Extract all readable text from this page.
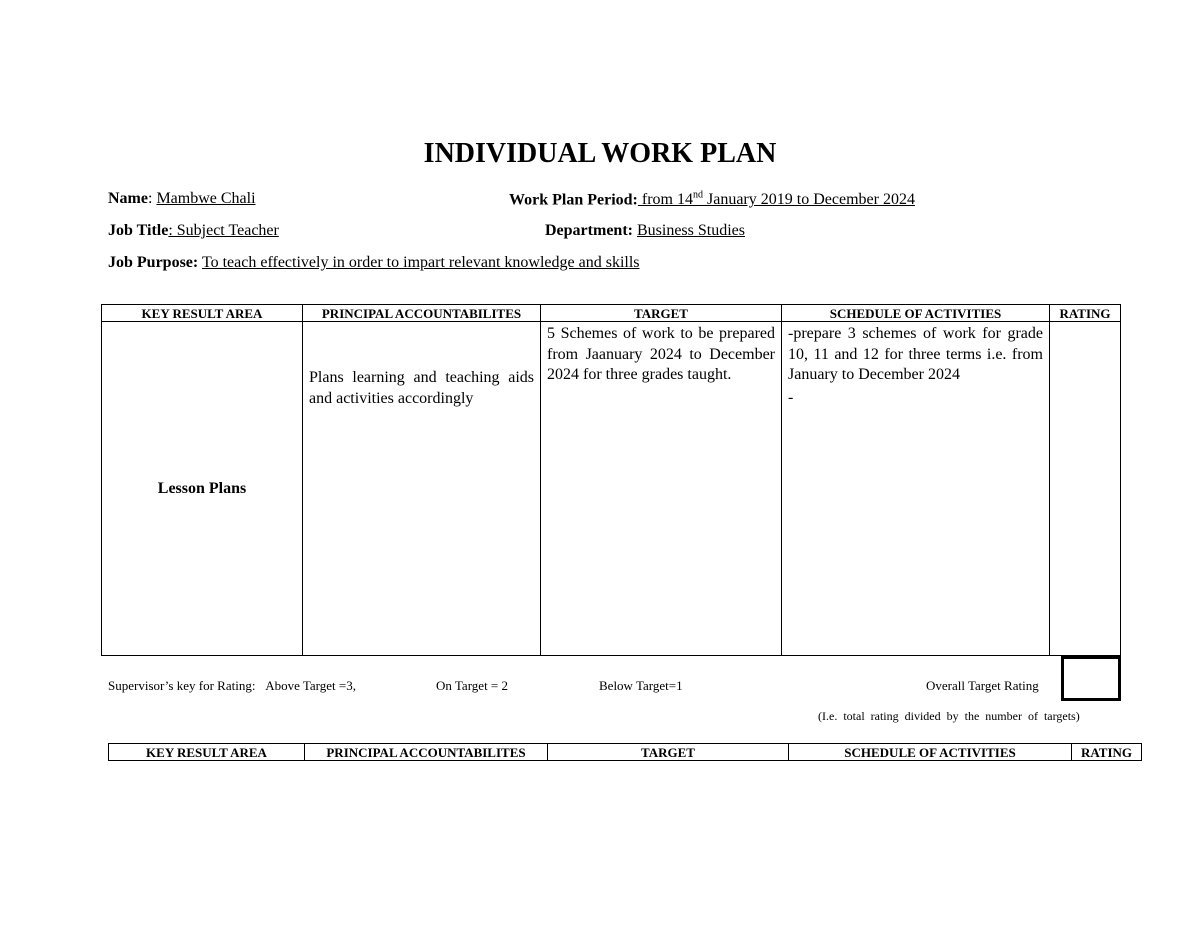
INDIVIDUAL WORK PLAN
Name: Mambwe Chali	Work Plan Period: from 14nd January 2019 to December 2024
Job Title: Subject Teacher	Department: Business Studies
Job Purpose: To teach effectively in order to impart relevant knowledge and skills
KEY RESULT AREA	PRINCIPAL ACCOUNTABILITES	TARGET	SCHEDULE OF ACTIVITIES	RATING
Lesson Plans	Plans learning and teaching aids and activities accordingly	5 Schemes of work to be prepared from Jaanuary 2024 to December 2024 for three grades taught.	-prepare 3 schemes of work for grade 10, 11 and 12 for three terms i.e. from January to December 2024
-	

Supervisor’s key for Rating: Above Target =3,	On Target = 2	Below Target=1	Overall Target Rating
(I.e. total rating divided by the number of targets)
KEY RESULT AREA	PRINCIPAL ACCOUNTABILITES	TARGET	SCHEDULE OF ACTIVITIES	RATING
